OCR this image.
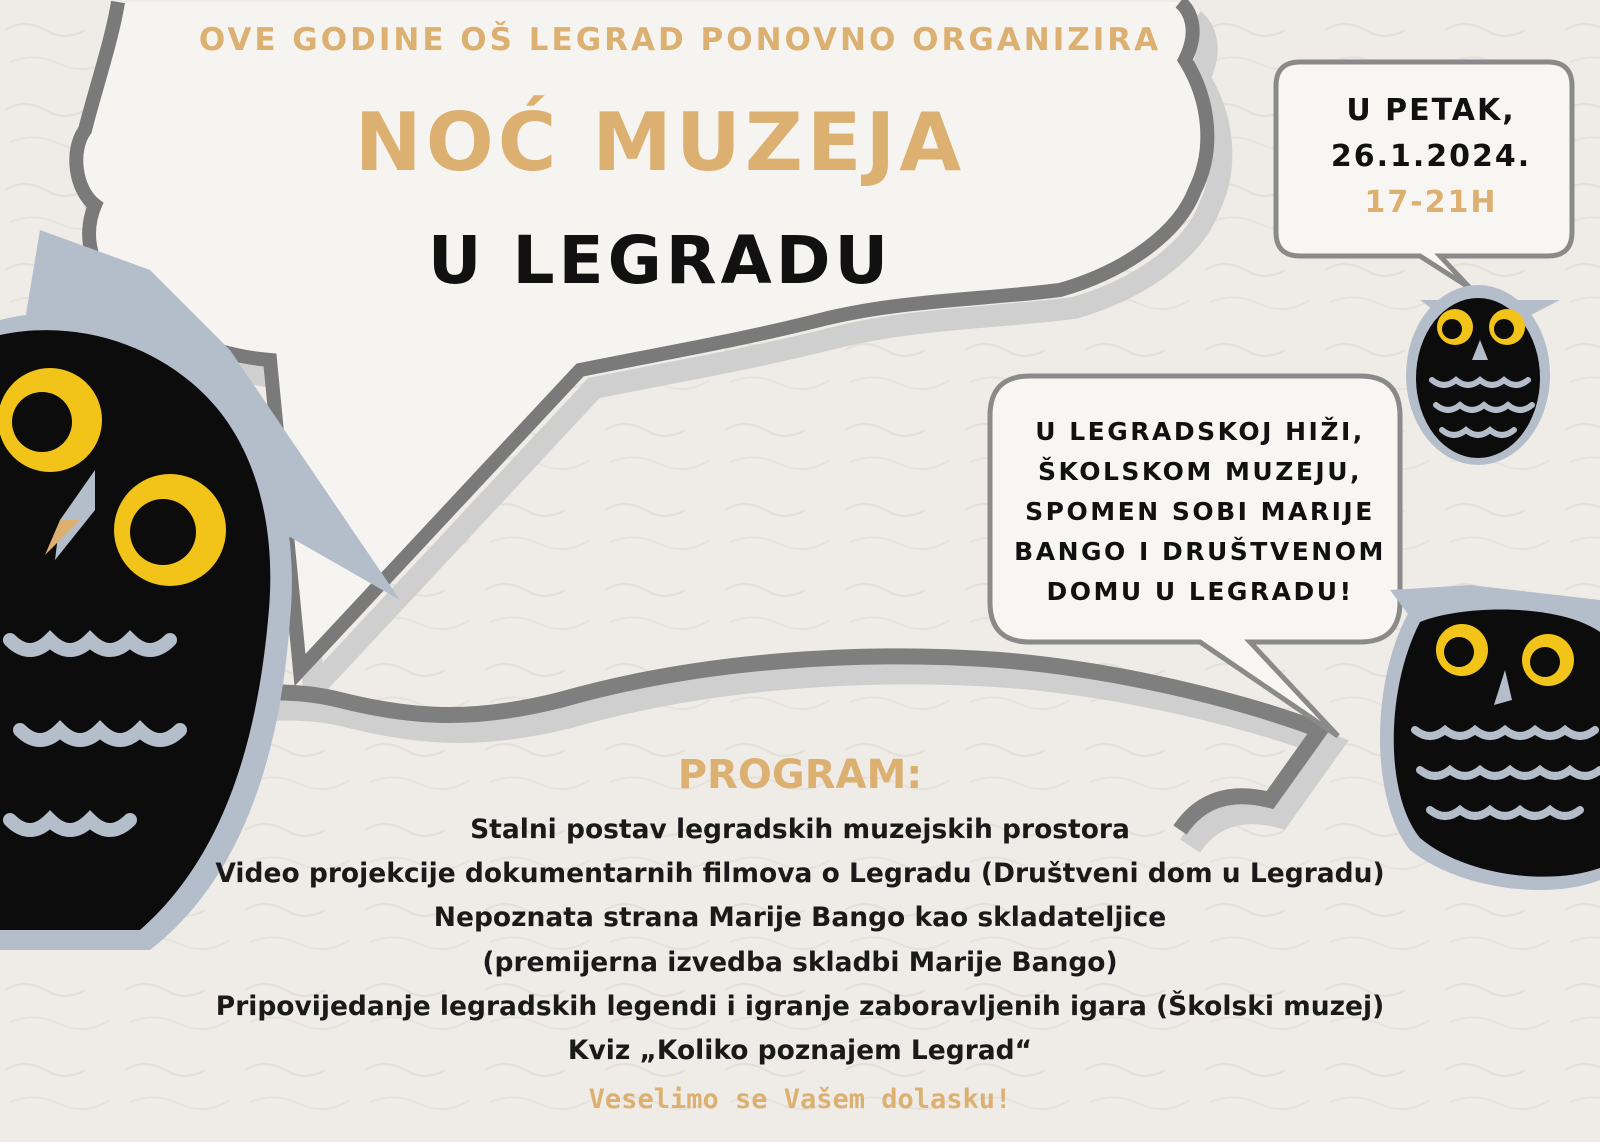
OVE GODINE OŠ LEGRAD PONOVNO ORGANIZIRA

NOĆ MUZEJA

U LEGRADU

U PETAK,

26.1.2024.

17-21H

U LEGRADSKOJ HIŽI,
ŠKOLSKOM MUZEJU,
SPOMEN SOBI MARIJE
BANGO I DRUŠTVENOM
DOMU U LEGRADU!

PROGRAM:

Stalni postav legradskih muzejskih prostora
Video projekcije dokumentarnih filmova o Legradu (Društveni dom u Legradu)
Nepoznata strana Marije Bango kao skladateljice
(premijerna izvedba skladbi Marije Bango)
Pripovijedanje legradskih legendi i igranje zaboravljenih igara (Školski muzej)
Kviz „Koliko poznajem Legrad“

Veselimo se Vašem dolasku!
